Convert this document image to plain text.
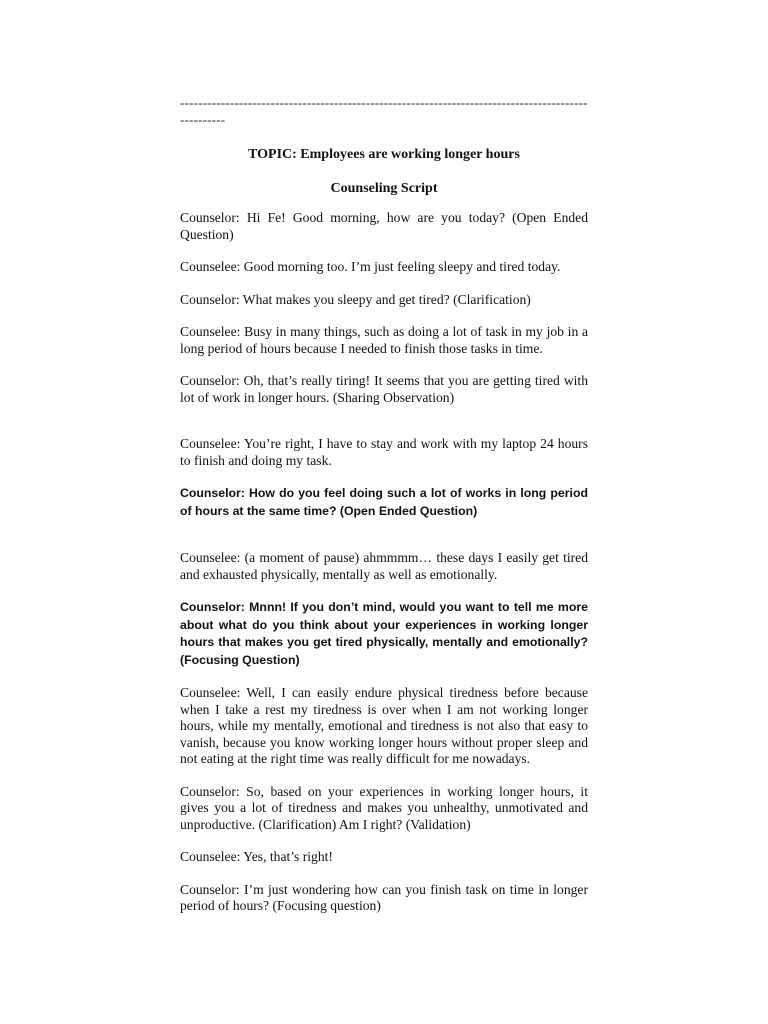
----------------------------------------------------------------------------------------------------

TOPIC: Employees are working longer hours

Counseling Script

Counselor: Hi Fe! Good morning, how are you today? (Open Ended Question)

Counselee: Good morning too. I’m just feeling sleepy and tired today.

Counselor: What makes you sleepy and get tired? (Clarification)

Counselee: Busy in many things, such as doing a lot of task in my job in a long period of hours because I needed to finish those tasks in time.

Counselor: Oh, that’s really tiring! It seems that you are getting tired with lot of work in longer hours. (Sharing Observation)

Counselee: You’re right, I have to stay and work with my laptop 24 hours to finish and doing my task.

Counselor: How do you feel doing such a lot of works in long period of hours at the same time? (Open Ended Question)

Counselee: (a moment of pause) ahmmmm… these days I easily get tired and exhausted physically, mentally as well as emotionally.

Counselor: Mnnn! If you don’t mind, would you want to tell me more about what do you think about your experiences in working longer hours that makes you get tired physically, mentally and emotionally? (Focusing Question)

Counselee: Well, I can easily endure physical tiredness before because when I take a rest my tiredness is over when I am not working longer hours, while my mentally, emotional and tiredness is not also that easy to vanish, because you know working longer hours without proper sleep and not eating at the right time was really difficult for me nowadays.

Counselor: So, based on your experiences in working longer hours, it gives you a lot of tiredness and makes you unhealthy, unmotivated and unproductive. (Clarification) Am I right? (Validation)

Counselee: Yes, that’s right!

Counselor: I’m just wondering how can you finish task on time in longer period of hours? (Focusing question)
